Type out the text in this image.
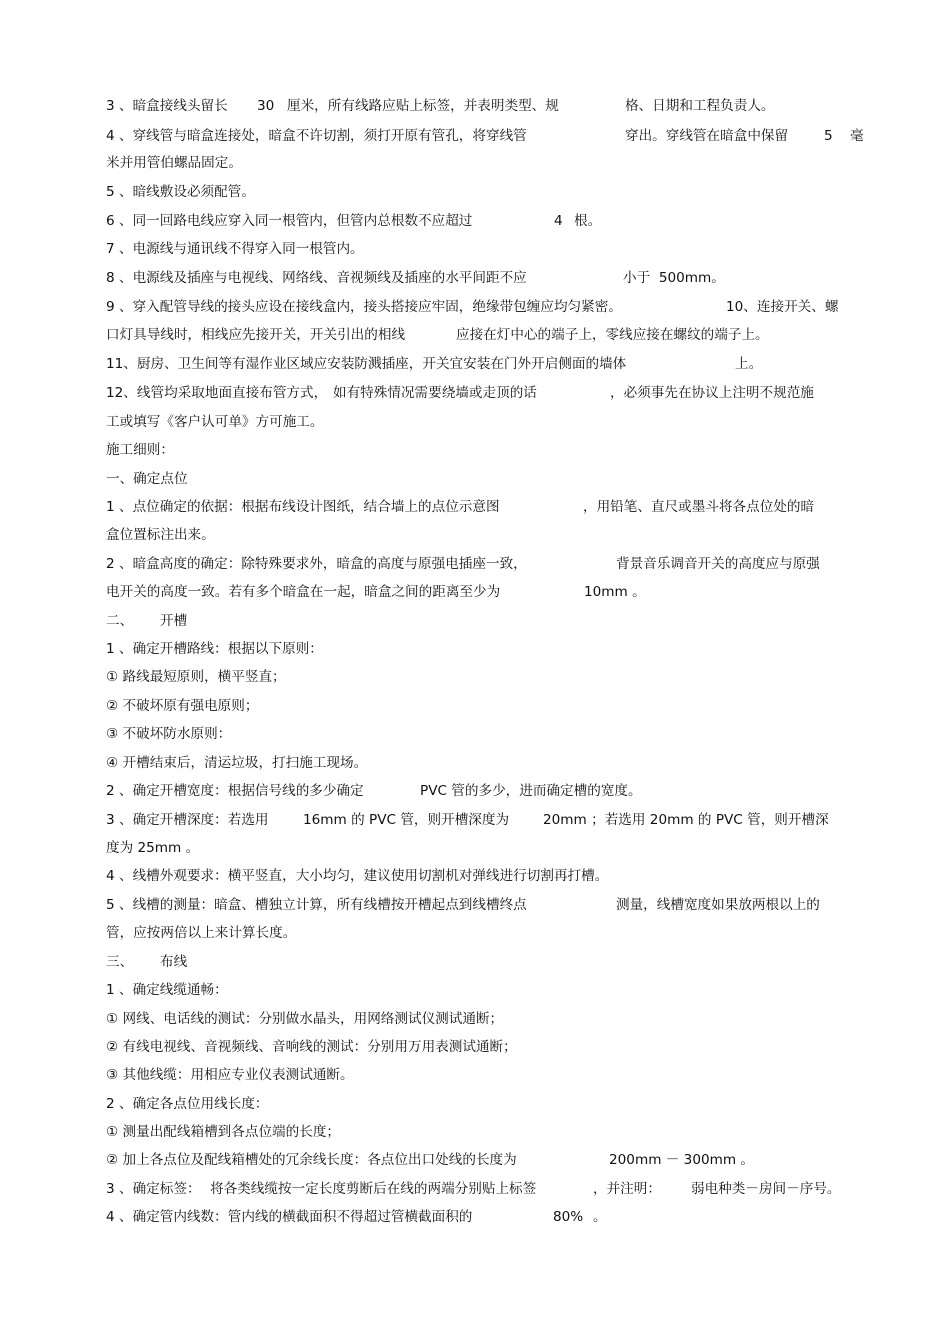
3 、暗盒接线头留长 30 厘米，所有线路应贴上标签，并表明类型、规	格、日期和工程负责人。
4 、穿线管与暗盒连接处，暗盒不许切割，须打开原有管孔，将穿线管	穿出。穿线管在暗盒中保留	5 毫
米并用管伯螺品固定。
5 、暗线敷设必须配管。
6 、同一回路电线应穿入同一根管内，但管内总根数不应超过	4 根。
7 、电源线与通讯线不得穿入同一根管内。
8 、电源线及插座与电视线、网络线、音视频线及插座的水平间距不应	小于  500mm。
9 、穿入配管导线的接头应设在接线盒内，接头搭接应牢固，绝缘带包缠应均匀紧密。	10、连接开关、螺
口灯具导线时，相线应先接开关，开关引出的相线	应接在灯中心的端子上，零线应接在螺纹的端子上。
11、厨房、卫生间等有湿作业区域应安装防溅插座，开关宜安装在门外开启侧面的墙体	上。
12、线管均采取地面直接布管方式， 如有特殊情况需要绕墙或走顶的话	，必须事先在协议上注明不规范施
工或填写《客户认可单》方可施工。
施工细则：
一、确定点位
1 、点位确定的依据：根据布线设计图纸，结合墙上的点位示意图	，用铅笔、直尺或墨斗将各点位处的暗
盒位置标注出来。
2 、暗盒高度的确定：除特殊要求外，暗盒的高度与原强电插座一致，	背景音乐调音开关的高度应与原强
电开关的高度一致。若有多个暗盒在一起，暗盒之间的距离至少为	10mm 。
二、 开槽
1 、确定开槽路线：根据以下原则：
① 路线最短原则，横平竖直；
② 不破坏原有强电原则；
③ 不破坏防水原则：
④ 开槽结束后，清运垃圾，打扫施工现场。
2 、确定开槽宽度：根据信号线的多少确定	PVC 管的多少，进而确定槽的宽度。
3 、确定开槽深度：若选用	16mm 的 PVC 管，则开槽深度为 20mm ；若选用 20mm 的 PVC 管，则开槽深
度为 25mm 。
4 、线槽外观要求：横平竖直，大小均匀，建议使用切割机对弹线进行切割再打槽。
5 、线槽的测量：暗盒、槽独立计算，所有线槽按开槽起点到线槽终点	测量，线槽宽度如果放两根以上的
管，应按两倍以上来计算长度。
三、 布线
1 、确定线缆通畅：
① 网线、电话线的测试：分别做水晶头，用网络测试仪测试通断；
② 有线电视线、音视频线、音响线的测试：分别用万用表测试通断；
③ 其他线缆：用相应专业仪表测试通断。
2 、确定各点位用线长度：
① 测量出配线箱槽到各点位端的长度；
② 加上各点位及配线箱槽处的冗余线长度：各点位出口处线的长度为	200mm － 300mm 。
3 、确定标签： 将各类线缆按一定长度剪断后在线的两端分别贴上标签	，并注明： 弱电种类－房间－序号。
4 、确定管内线数：管内线的横截面积不得超过管横截面积的	80% 。
